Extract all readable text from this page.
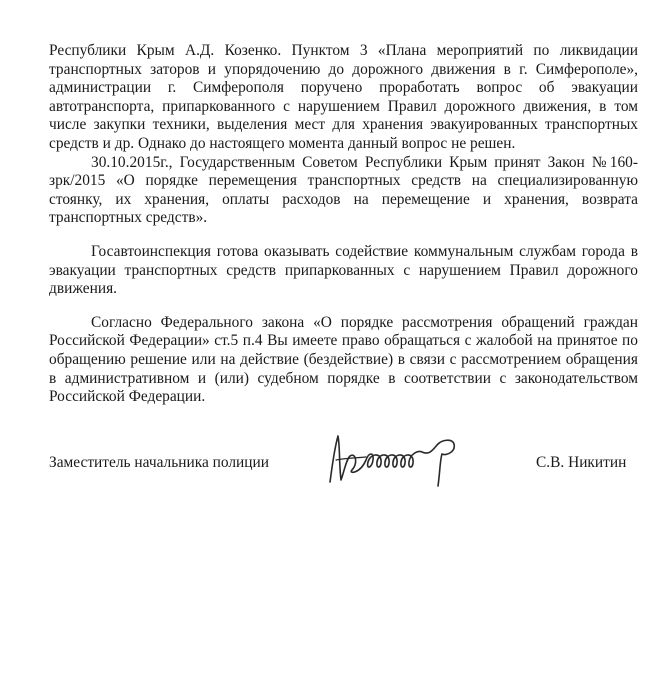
Республики Крым А.Д. Козенко. Пунктом 3 «Плана мероприятий по ликвидации транспортных заторов и упорядочению до дорожного движения в г. Симферополе», администрации г. Симферополя поручено проработать вопрос об эвакуации автотранспорта, припаркованного с нарушением Правил дорожного движения, в том числе закупки техники, выделения мест для хранения эвакуированных транспортных средств и др. Однако до настоящего момента данный вопрос не решен.

30.10.2015г., Государственным Советом Республики Крым принят Закон №160-зрк/2015 «О порядке перемещения транспортных средств на специализированную стоянку, их хранения, оплаты расходов на перемещение и хранения, возврата транспортных средств».

Госавтоинспекция готова оказывать содействие коммунальным службам города в эвакуации транспортных средств припаркованных с нарушением Правил дорожного движения.

Согласно Федерального закона «О порядке рассмотрения обращений граждан Российской Федерации» ст.5 п.4 Вы имеете право обращаться с жалобой на принятое по обращению решение или на действие (бездействие) в связи с рассмотрением обращения в административном и (или) судебном порядке в соответствии с законодательством Российской Федерации.

Заместитель начальника полиции	С.В. Никитин
